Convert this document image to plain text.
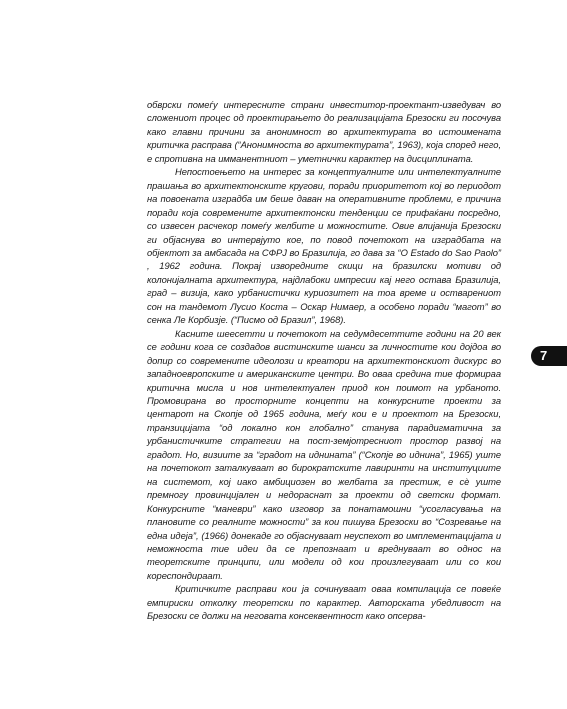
обврски помеѓу интересните страни инвеститор-проектант-изведувач во сложениот процес од проектирањето до реализацијата Брезоски ги посочува како главни причини за анонимност во архитектурата во истоимената критичка расправа (“Анонимноста во архитектурата”, 1963), која според него, е спротивна на имманентниот – уметнички карактер на дисциплината.

Непостоењето на интерес за концептуалните или интелектуалните прашања во архитектонските кругови, поради приоритетот кој во периодот на повоената изградба им беше даван на оперативните проблеми, е причина поради која современите архитектонски тенденции се прифаќани посредно, со извесен расчекор помеѓу желбите и можностите. Овие влијанија Брезоски ги објаснува во интервјуто кое, по повод почетокот на изградбата на објектот за амбасада на СФРЈ во Бразилија, го дава за “O Estado do Sao Paolo” , 1962 година. Покрај изворедните скици на бразилски мотиви од колонијалната архитектура, најдлабоки импресии кај него остава Бразилија, град – визија, како урбанистички куриозитет на тоа време и остварениот сон на тандемот Лусио Коста – Оскар Нимаер, а особено поради “магот” во сенка Ле Корбизје. (“Писмо од Бразил”, 1968).

Касните шеесетти и почетокот на седумдесеттите години на 20 век се години кога се создадов вистинските шанси за личностите кои дојдоа во допир со современите идеолози и креатори на архитектонскиот дискурс во западноевропските и американските центри. Во оваа средина тие формираа критична мисла и нов интелектуален приод кон поимот на урбаното. Промовирана во просторните концепти на конкурсните проекти за центарот на Скопје од 1965 година, меѓу кои е и проектот на Брезоски, транзицијата “од локално кон глобално” станува парадигматична за урбанистичките стратегии на пост-земјотресниот простор развој на градот. Но, визиите за “градот на иднината” (“Скопје во иднина”, 1965) уште на почетокот заталкуваат во бирократските лавиринти на институциите на системот, кој иако амбициозен во желбата за престиж, е сè уште премногу провинцијален и недораснат за проекти од светски формат. Конкурсните “маневри” како изговор за понатамошни “усогласувања на плановите со реалните можности” за кои пишува Брезоски во “Созревање на една идеја”, (1966) донекаде го објаснуваат неуспехот во имплементацијата и неможноста тие идеи да се препознаат и вреднуваат во однос на теоретските принципи, или модели од кои произлегуваат или со кои кореспондираат.

Критичките расправи кои ја сочинуваат оваа компилација се повеќе емпириски отколку теоретски по карактер. Авторската убедливост на Брезоски се должи на неговата консеквентност како опсерва-

7
